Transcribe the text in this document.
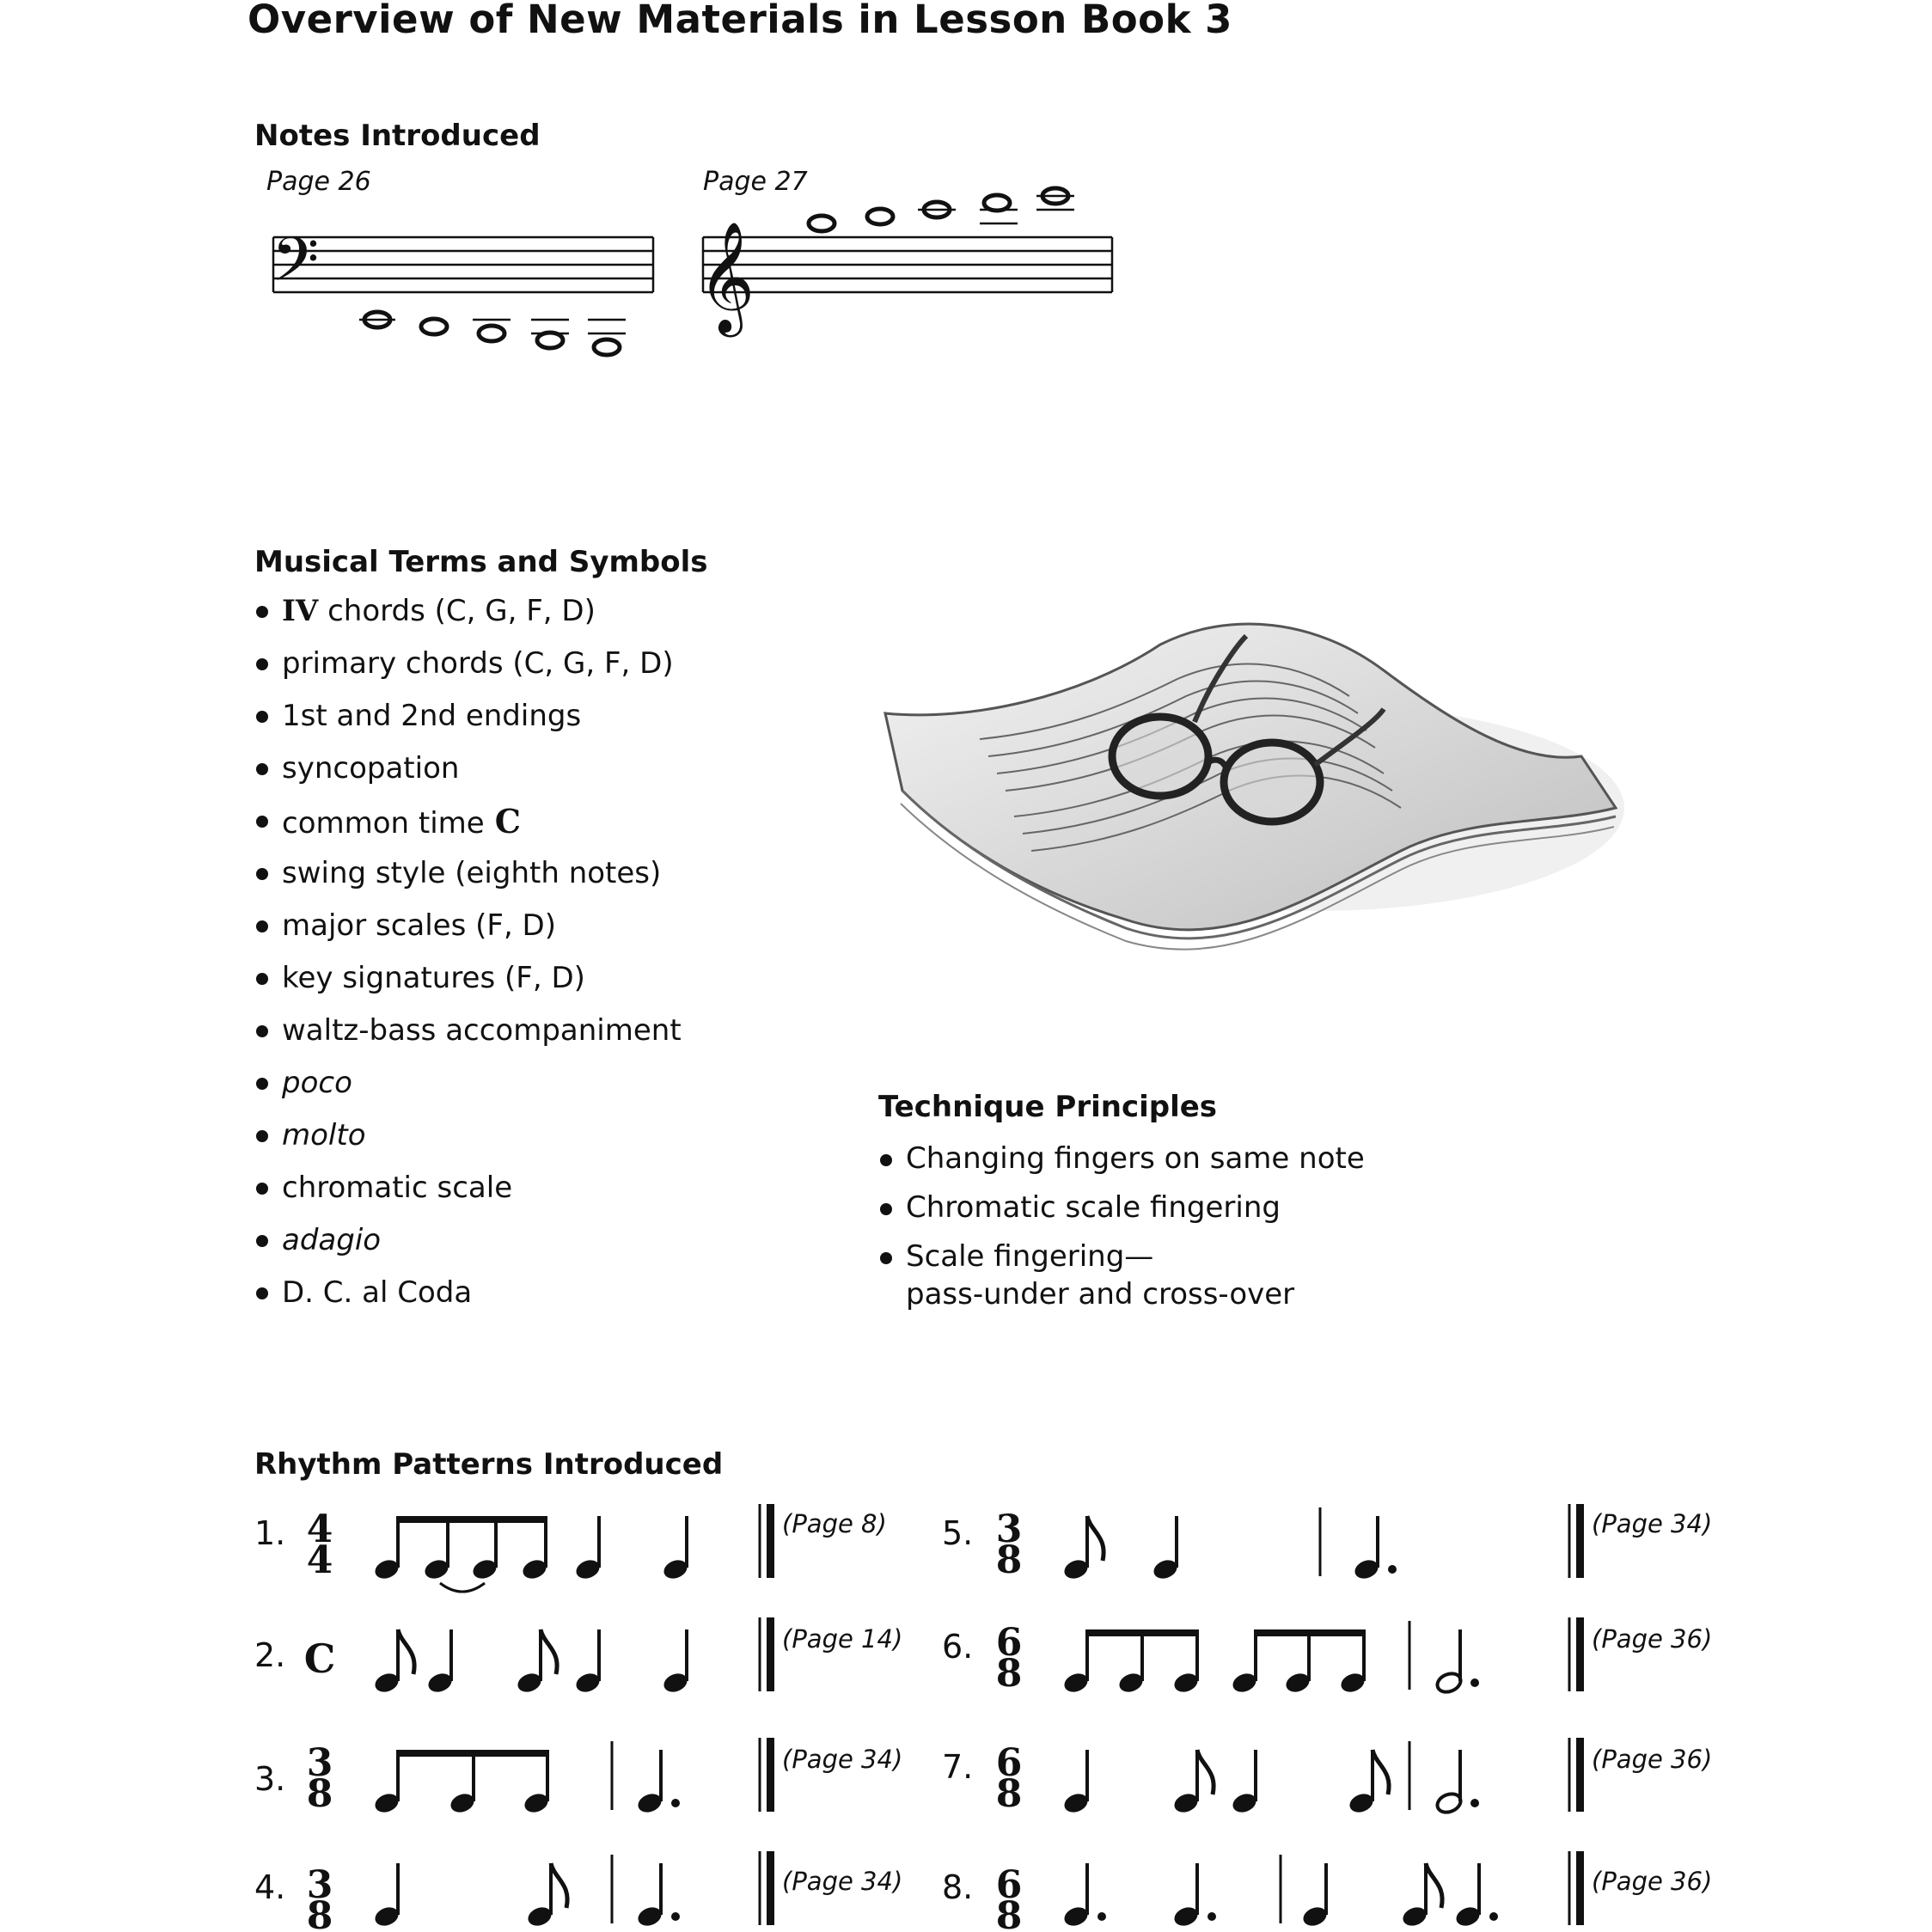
Overview of New Materials in Lesson Book 3
Notes Introduced
Page 26	Page 27
𝄢	𝄞
4
4
C
3
8
3
8
3
8
6
8
6
8
6
8
Musical Terms and Symbols
IV chords (C, G, F, D)
primary chords (C, G, F, D)
1st and 2nd endings
syncopation
common time C
swing style (eighth notes)
major scales (F, D)
key signatures (F, D)
waltz-bass accompaniment
poco
molto
chromatic scale
adagio
D. C. al Coda
Technique Principles
Changing fingers on same note
Chromatic scale fingering
Scale fingering—
pass-under and cross-over
Rhythm Patterns Introduced
1.
2.
3.
4.
5.
6.
7.
8.
(Page 8)
(Page 14)
(Page 34)
(Page 34)
(Page 34)
(Page 36)
(Page 36)
(Page 36)
